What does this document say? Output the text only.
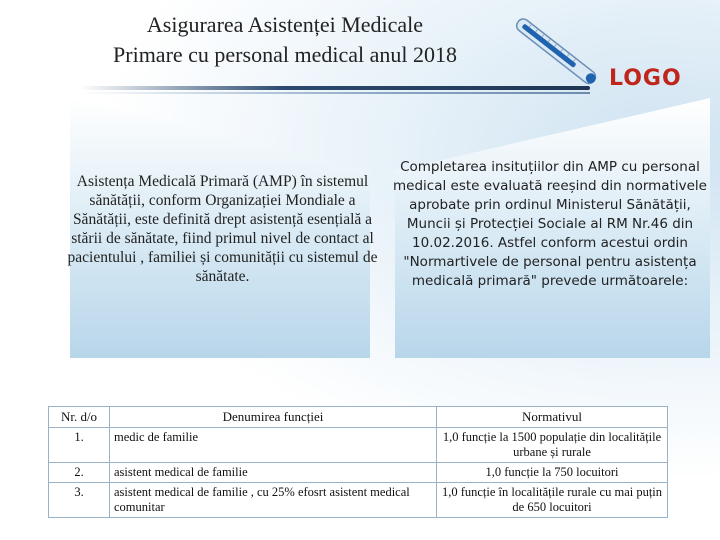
Asigurarea Asistenței Medicale
Primare cu personal medical anul 2018
LOGO
Asistența Medicală Primară (AMP) în sistemul sănătății, conform Organizației Mondiale a Sănătății, este definită drept asistență esențială a stării de sănătate, fiind primul nivel de contact al pacientului , familiei și comunității cu sistemul de sănătate.
Completarea insituțiilor din AMP cu personal medical este evaluată reeșind din normativele aprobate prin ordinul Ministerul Sănătății, Muncii și Protecției Sociale al RM Nr.46 din 10.02.2016. Astfel conform acestui ordin "Normartivele de personal pentru asistența medicală primară" prevede următoarele:
Nr. d/o	Denumirea funcției	Normativul
1.	medic de familie	1,0 funcție la 1500 populație din localitățile urbane și rurale
2.	asistent medical de familie	1,0 funcție la 750 locuitori
3.	asistent medical de familie , cu 25% efosrt asistent medical comunitar	1,0 funcție în localitățile rurale cu mai puțin de 650 locuitori
